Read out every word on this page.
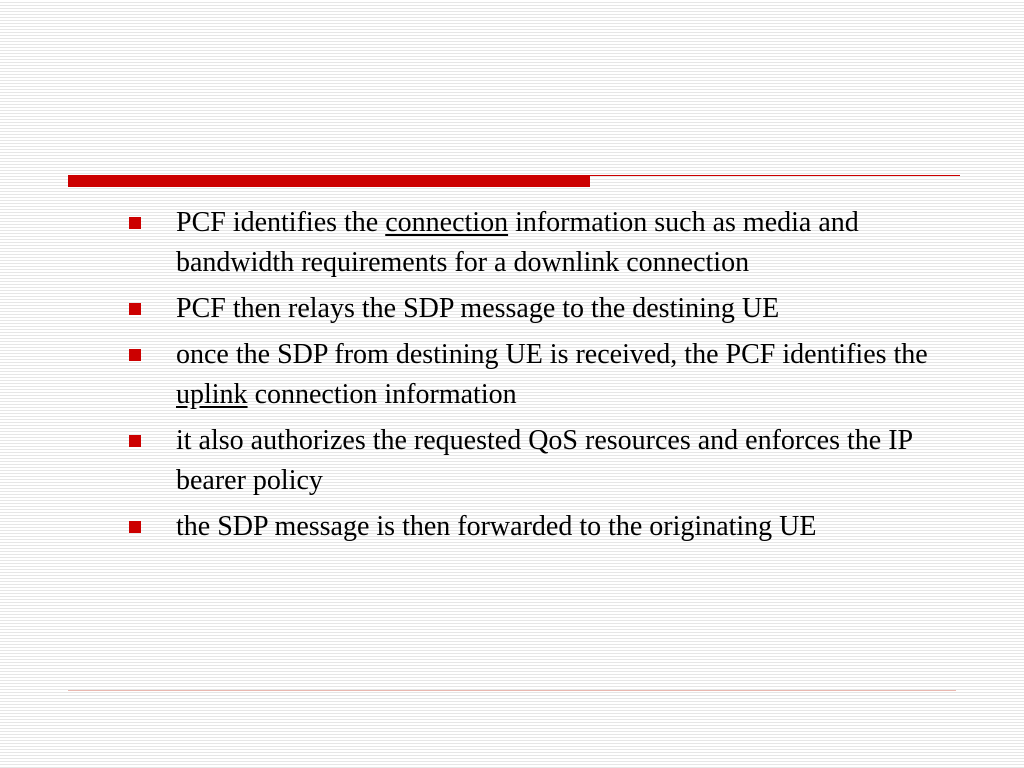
PCF identifies the connection information such as media and bandwidth requirements for a downlink connection
PCF then relays the SDP message to the destining UE
once the SDP from destining UE is received, the PCF identifies the uplink connection information
it also authorizes the requested QoS resources and enforces the IP bearer policy
the SDP message is then forwarded to the originating UE
